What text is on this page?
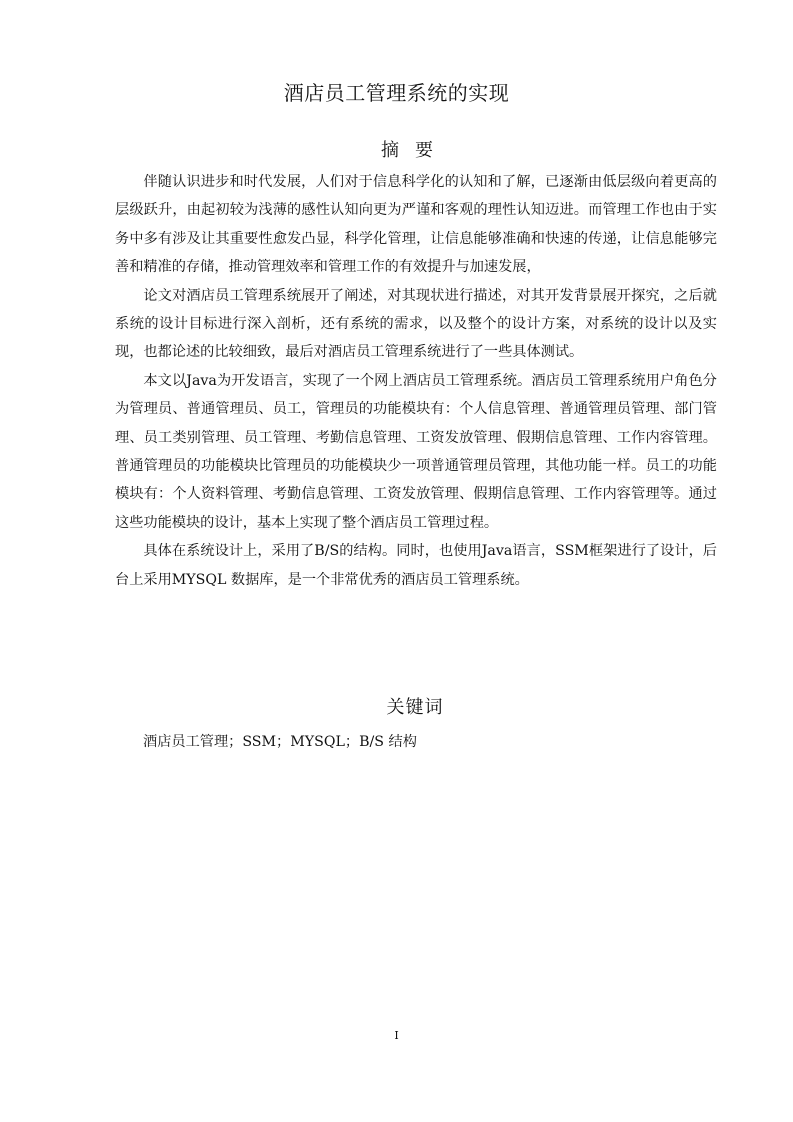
酒店员工管理系统的实现
摘要

伴随认识进步和时代发展，人们对于信息科学化的认知和了解，已逐渐由低层级向着更高的层级跃升，由起初较为浅薄的感性认知向更为严谨和客观的理性认知迈进。而管理工作也由于实务中多有涉及让其重要性愈发凸显，科学化管理，让信息能够准确和快速的传递，让信息能够完善和精准的存储，推动管理效率和管理工作的有效提升与加速发展，

论文对酒店员工管理系统展开了阐述，对其现状进行描述，对其开发背景展开探究，之后就系统的设计目标进行深入剖析，还有系统的需求，以及整个的设计方案，对系统的设计以及实现，也都论述的比较细致，最后对酒店员工管理系统进行了一些具体测试。

本文以Java为开发语言，实现了一个网上酒店员工管理系统。酒店员工管理系统用户角色分为管理员、普通管理员、员工，管理员的功能模块有：个人信息管理、普通管理员管理、部门管理、员工类别管理、员工管理、考勤信息管理、工资发放管理、假期信息管理、工作内容管理。普通管理员的功能模块比管理员的功能模块少一项普通管理员管理，其他功能一样。员工的功能模块有：个人资料管理、考勤信息管理、工资发放管理、假期信息管理、工作内容管理等。通过这些功能模块的设计，基本上实现了整个酒店员工管理过程。

具体在系统设计上，采用了B/S的结构。同时，也使用Java语言，SSM框架进行了设计，后台上采用MYSQL 数据库，是一个非常优秀的酒店员工管理系统。

关键词
酒店员工管理；SSM；MYSQL；B/S 结构
I
